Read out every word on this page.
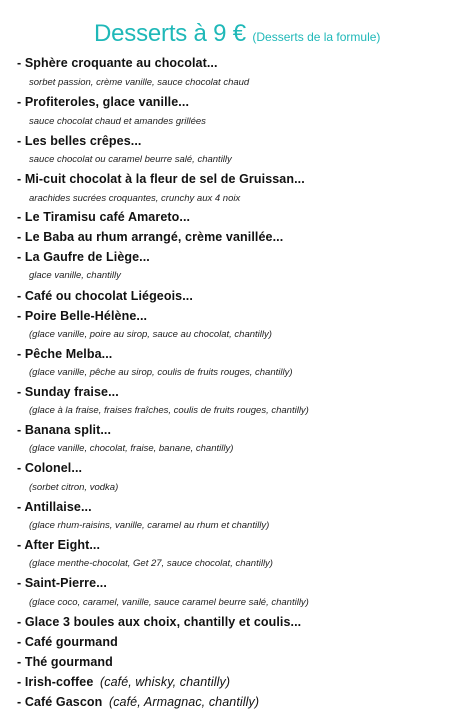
Desserts à 9 € (Desserts de la formule)
- Sphère croquante au chocolat...
sorbet passion, crème vanille, sauce chocolat chaud
- Profiteroles, glace vanille...
sauce chocolat chaud et amandes grillées
- Les belles crêpes...
sauce chocolat ou caramel beurre salé, chantilly
- Mi-cuit chocolat à la fleur de sel de Gruissan...
arachides sucrées croquantes, crunchy aux 4 noix
- Le Tiramisu café Amareto...
- Le Baba au rhum arrangé, crème vanillée...
- La Gaufre de Liège...
glace vanille, chantilly
- Café ou chocolat Liégeois...
- Poire Belle-Hélène...
(glace vanille, poire au sirop, sauce au chocolat, chantilly)
- Pêche Melba...
(glace vanille, pêche au sirop, coulis de fruits rouges, chantilly)
- Sunday fraise...
(glace à la fraise, fraises fraîches, coulis de fruits rouges, chantilly)
- Banana split...
(glace vanille, chocolat, fraise, banane, chantilly)
- Colonel...
(sorbet citron, vodka)
- Antillaise...
(glace rhum-raisins, vanille, caramel au rhum et chantilly)
- After Eight...
(glace menthe-chocolat, Get 27, sauce chocolat, chantilly)
- Saint-Pierre...
(glace coco, caramel, vanille, sauce caramel beurre salé, chantilly)
- Glace 3 boules aux choix, chantilly et coulis...
- Café gourmand
- Thé gourmand
- Irish-coffee (café, whisky, chantilly)
- Café Gascon (café, Armagnac, chantilly)
